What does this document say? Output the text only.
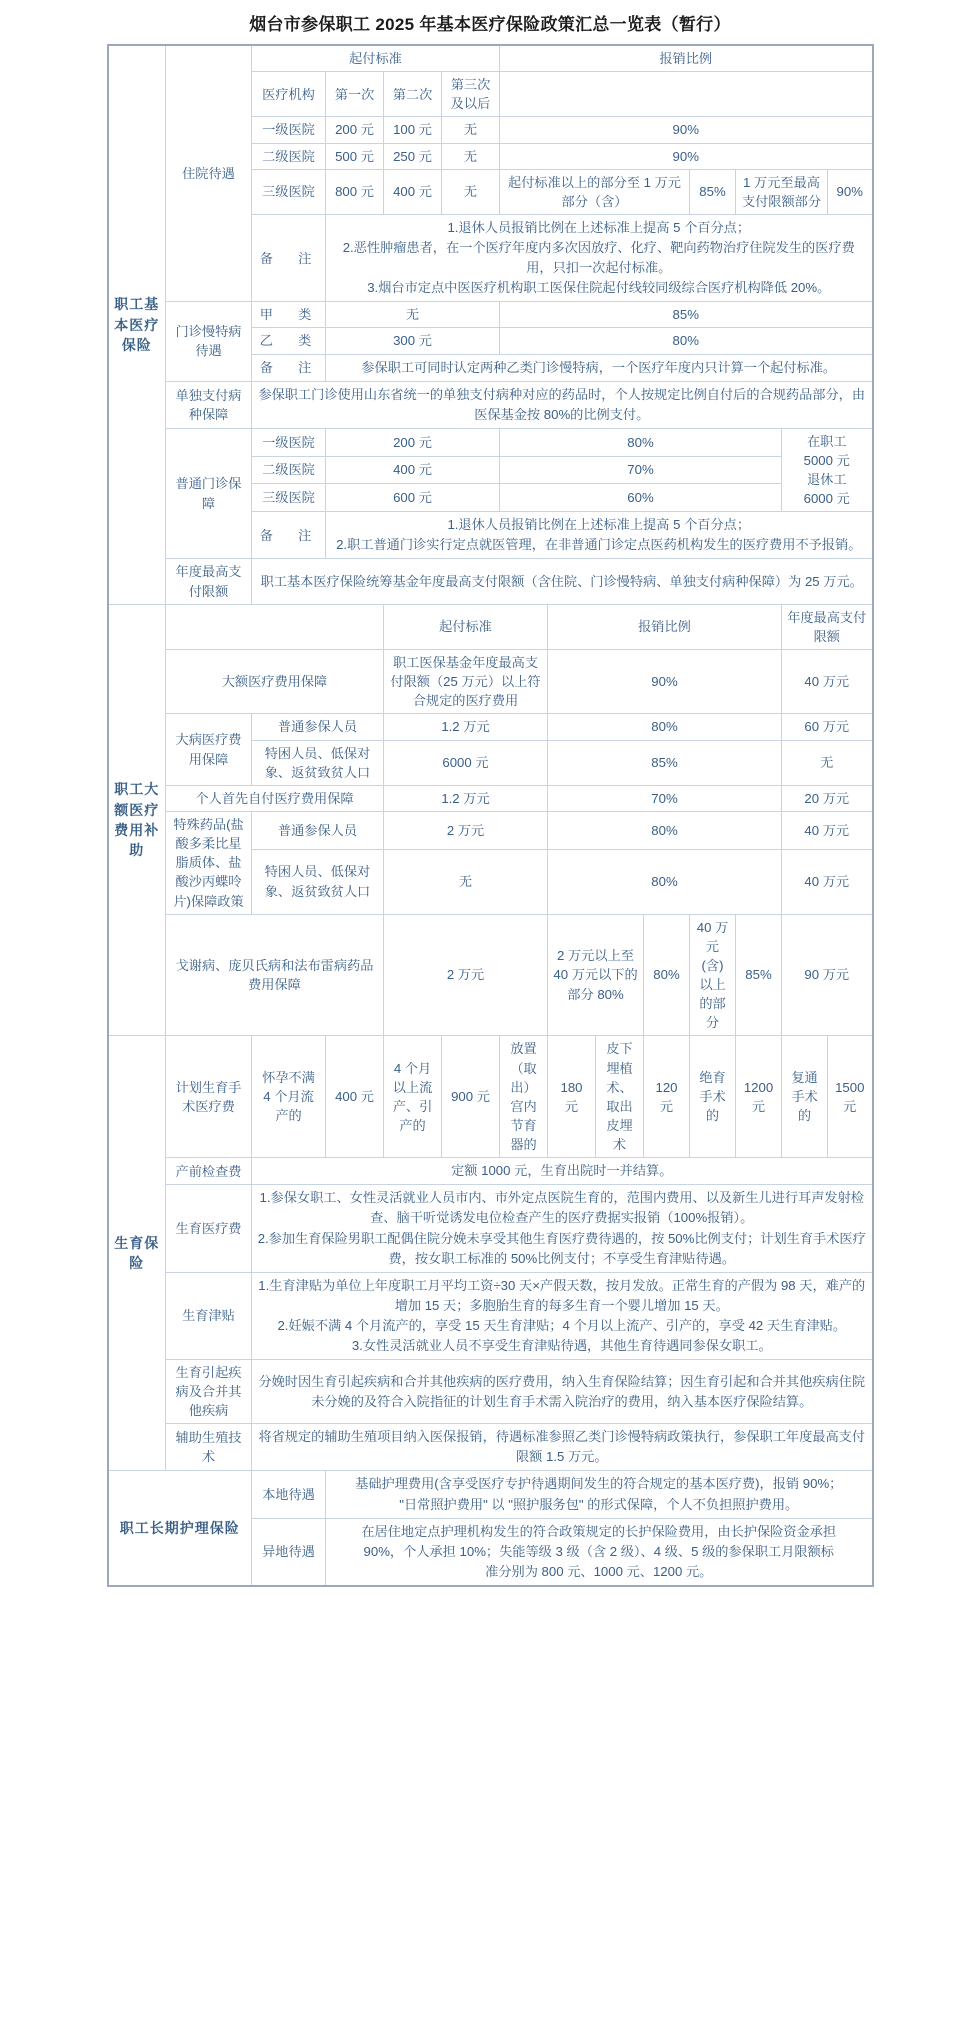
烟台市参保职工 2025 年基本医疗保险政策汇总一览表（暂行）
职工基本医疗保险	住院待遇	起付标准				报销比例							
		医疗机构	第一次	第二次	第三次及以后								
		一级医院	200 元	100 元	无	90%							
		二级医院	500 元	250 元	无	90%							
		三级医院	800 元	400 元	无	起付标准以上的部分至 1 万元部分（含）				85%	1 万元至最高支付限额部分		90%
		备　注	1.退休人员报销比例在上述标准上提高 5 个百分点；
2.恶性肿瘤患者，在一个医疗年度内多次因放疗、化疗、靶向药物治疗住院发生的医疗费用，只扣一次起付标准。
3.烟台市定点中医医疗机构职工医保住院起付线较同级综合医疗机构降低 20%。										

	门诊慢特病待遇	甲　类	无			85%							
		乙　类	300 元			80%							
		备　注	参保职工可同时认定两种乙类门诊慢特病，一个医疗年度内只计算一个起付标准。										
	单独支付病种保障	参保职工门诊使用山东省统一的单独支付病种对应的药品时，个人按规定比例自付后的合规药品部分，由医保基金按 80%的比例支付。											
	普通门诊保障	一级医院	200 元			80%						在职工
5000 元
退休工
6000 元	

		二级医院	400 元			70%							
		三级医院	600 元			60%							
		备　注	1.退休人员报销比例在上述标准上提高 5 个百分点；
2.职工普通门诊实行定点就医管理，在非普通门诊定点医药机构发生的医疗费用不予报销。										

	年度最高支付限额	职工基本医疗保险统筹基金年度最高支付限额（含住院、门诊慢特病、单独支付病种保障）为 25 万元。											
职工大额医疗费用补助				起付标准			报销比例					年度最高支付限额	
	大额医疗费用保障			职工医保基金年度最高支付限额（25 万元）以上符合规定的医疗费用			90%					40 万元	
	大病医疗费用保障	普通参保人员		1.2 万元			80%					60 万元	
		特困人员、低保对象、返贫致贫人口		6000 元			85%					无	
	个人首先自付医疗费用保障			1.2 万元			70%					20 万元	
	特殊药品(盐酸多柔比星脂质体、盐酸沙丙蝶呤片)保障政策	普通参保人员		2 万元			80%					40 万元	
		特困人员、低保对象、返贫致贫人口		无			80%					40 万元	
	戈谢病、庞贝氏病和法布雷病药品费用保障			2 万元			2 万元以上至 40 万元以下的部分 80%		80%	40 万元(含)以上的部分	85%	90 万元	

生育保险	计划生育手术医疗费	怀孕不满 4 个月流产的	400 元	4 个月以上流产、引产的	900 元	放置（取出）宫内节育器的	180 元	皮下埋植术、取出皮埋术	120 元	绝育手术的	1200 元	复通手术的	1500 元
	产前检查费	定额 1000 元，生育出院时一并结算。											
	生育医疗费	1.参保女职工、女性灵活就业人员市内、市外定点医院生育的，范围内费用、以及新生儿进行耳声发射检查、脑干听觉诱发电位检查产生的医疗费据实报销（100%报销）。
2.参加生育保险男职工配偶住院分娩未享受其他生育医疗费待遇的，按 50%比例支付；计划生育手术医疗费，按女职工标准的 50%比例支付；不享受生育津贴待遇。											

	生育津贴	1.生育津贴为单位上年度职工月平均工资÷30 天×产假天数，按月发放。正常生育的产假为 98 天，难产的增加 15 天；多胞胎生育的每多生育一个婴儿增加 15 天。
2.妊娠不满 4 个月流产的，享受 15 天生育津贴；4 个月以上流产、引产的，享受 42 天生育津贴。
3.女性灵活就业人员不享受生育津贴待遇，其他生育待遇同参保女职工。											

	生育引起疾病及合并其他疾病	分娩时因生育引起疾病和合并其他疾病的医疗费用，纳入生育保险结算；因生育引起和合并其他疾病住院未分娩的及符合入院指征的计划生育手术需入院治疗的费用，纳入基本医疗保险结算。											
	辅助生殖技术	将省规定的辅助生殖项目纳入医保报销，待遇标准参照乙类门诊慢特病政策执行，参保职工年度最高支付限额 1.5 万元。											
职工长期护理保险		本地待遇	基础护理费用(含享受医疗专护待遇期间发生的符合规定的基本医疗费)，报销 90%；
"日常照护费用" 以 "照护服务包" 的形式保障，个人不负担照护费用。										

		异地待遇	在居住地定点护理机构发生的符合政策规定的长护保险费用，由长护保险资金承担
90%，个人承担 10%；失能等级 3 级（含 2 级）、4 级、5 级的参保职工月限额标
准分别为 800 元、1000 元、1200 元。										
